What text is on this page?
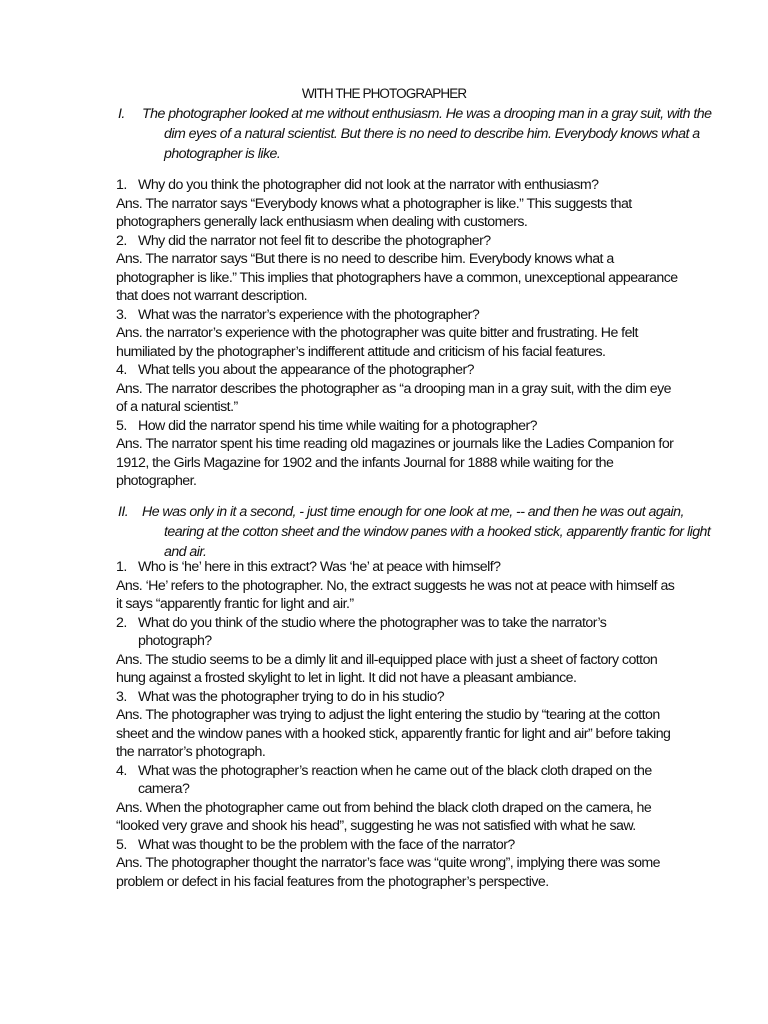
WITH THE PHOTOGRAPHER
I. The photographer looked at me without enthusiasm. He was a drooping man in a gray suit, with the dim eyes of a natural scientist. But there is no need to describe him. Everybody knows what a photographer is like.
1. Why do you think the photographer did not look at the narrator with enthusiasm?
Ans. The narrator says “Everybody knows what a photographer is like.” This suggests that photographers generally lack enthusiasm when dealing with customers.
2. Why did the narrator not feel fit to describe the photographer?
Ans. The narrator says “But there is no need to describe him. Everybody knows what a photographer is like.” This implies that photographers have a common, unexceptional appearance that does not warrant description.
3. What was the narrator’s experience with the photographer?
Ans. the narrator’s experience with the photographer was quite bitter and frustrating. He felt humiliated by the photographer’s indifferent attitude and criticism of his facial features.
4. What tells you about the appearance of the photographer?
Ans. The narrator describes the photographer as “a drooping man in a gray suit, with the dim eye of a natural scientist.”
5. How did the narrator spend his time while waiting for a photographer?
Ans. The narrator spent his time reading old magazines or journals like the Ladies Companion for 1912, the Girls Magazine for 1902 and the infants Journal for 1888 while waiting for the photographer.
II. He was only in it a second, - just time enough for one look at me, -- and then he was out again, tearing at the cotton sheet and the window panes with a hooked stick, apparently frantic for light and air.
1. Who is ‘he’ here in this extract? Was ‘he’ at peace with himself?
Ans. ‘He’ refers to the photographer. No, the extract suggests he was not at peace with himself as it says “apparently frantic for light and air.”
2. What do you think of the studio where the photographer was to take the narrator’s photograph?
Ans. The studio seems to be a dimly lit and ill-equipped place with just a sheet of factory cotton hung against a frosted skylight to let in light. It did not have a pleasant ambiance.
3. What was the photographer trying to do in his studio?
Ans. The photographer was trying to adjust the light entering the studio by “tearing at the cotton sheet and the window panes with a hooked stick, apparently frantic for light and air” before taking the narrator’s photograph.
4. What was the photographer’s reaction when he came out of the black cloth draped on the camera?
Ans. When the photographer came out from behind the black cloth draped on the camera, he “looked very grave and shook his head”, suggesting he was not satisfied with what he saw.
5. What was thought to be the problem with the face of the narrator?
Ans. The photographer thought the narrator’s face was “quite wrong”, implying there was some problem or defect in his facial features from the photographer’s perspective.
